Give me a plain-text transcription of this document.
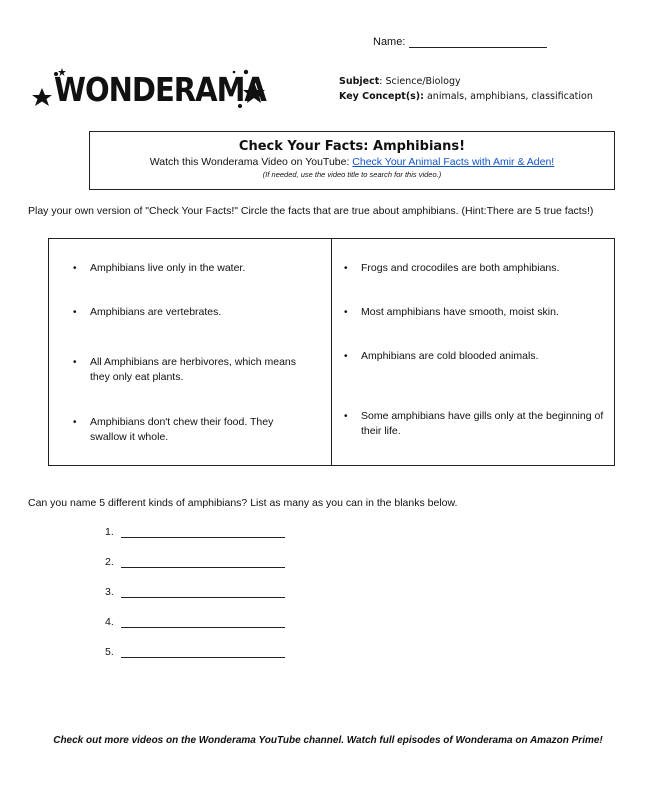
Name:
WONDERAMA	Subject: Science/Biology
Key Concept(s): animals, amphibians, classification
Check Your Facts: Amphibians!
Watch this Wonderama Video on YouTube: Check Your Animal Facts with Amir & Aden!
(If needed, use the video title to search for this video.)
Play your own version of "Check Your Facts!" Circle the facts that are true about amphibians. (Hint:There are 5 true facts!)
• Amphibians live only in the water.
• Amphibians are vertebrates.
• All Amphibians are herbivores, which means they only eat plants.
• Amphibians don't chew their food. They swallow it whole.
• Frogs and crocodiles are both amphibians.
• Most amphibians have smooth, moist skin.
• Amphibians are cold blooded animals.
• Some amphibians have gills only at the beginning of their life.
Can you name 5 different kinds of amphibians? List as many as you can in the blanks below.
1.
2.
3.
4.
5.
Check out more videos on the Wonderama YouTube channel. Watch full episodes of Wonderama on Amazon Prime!
